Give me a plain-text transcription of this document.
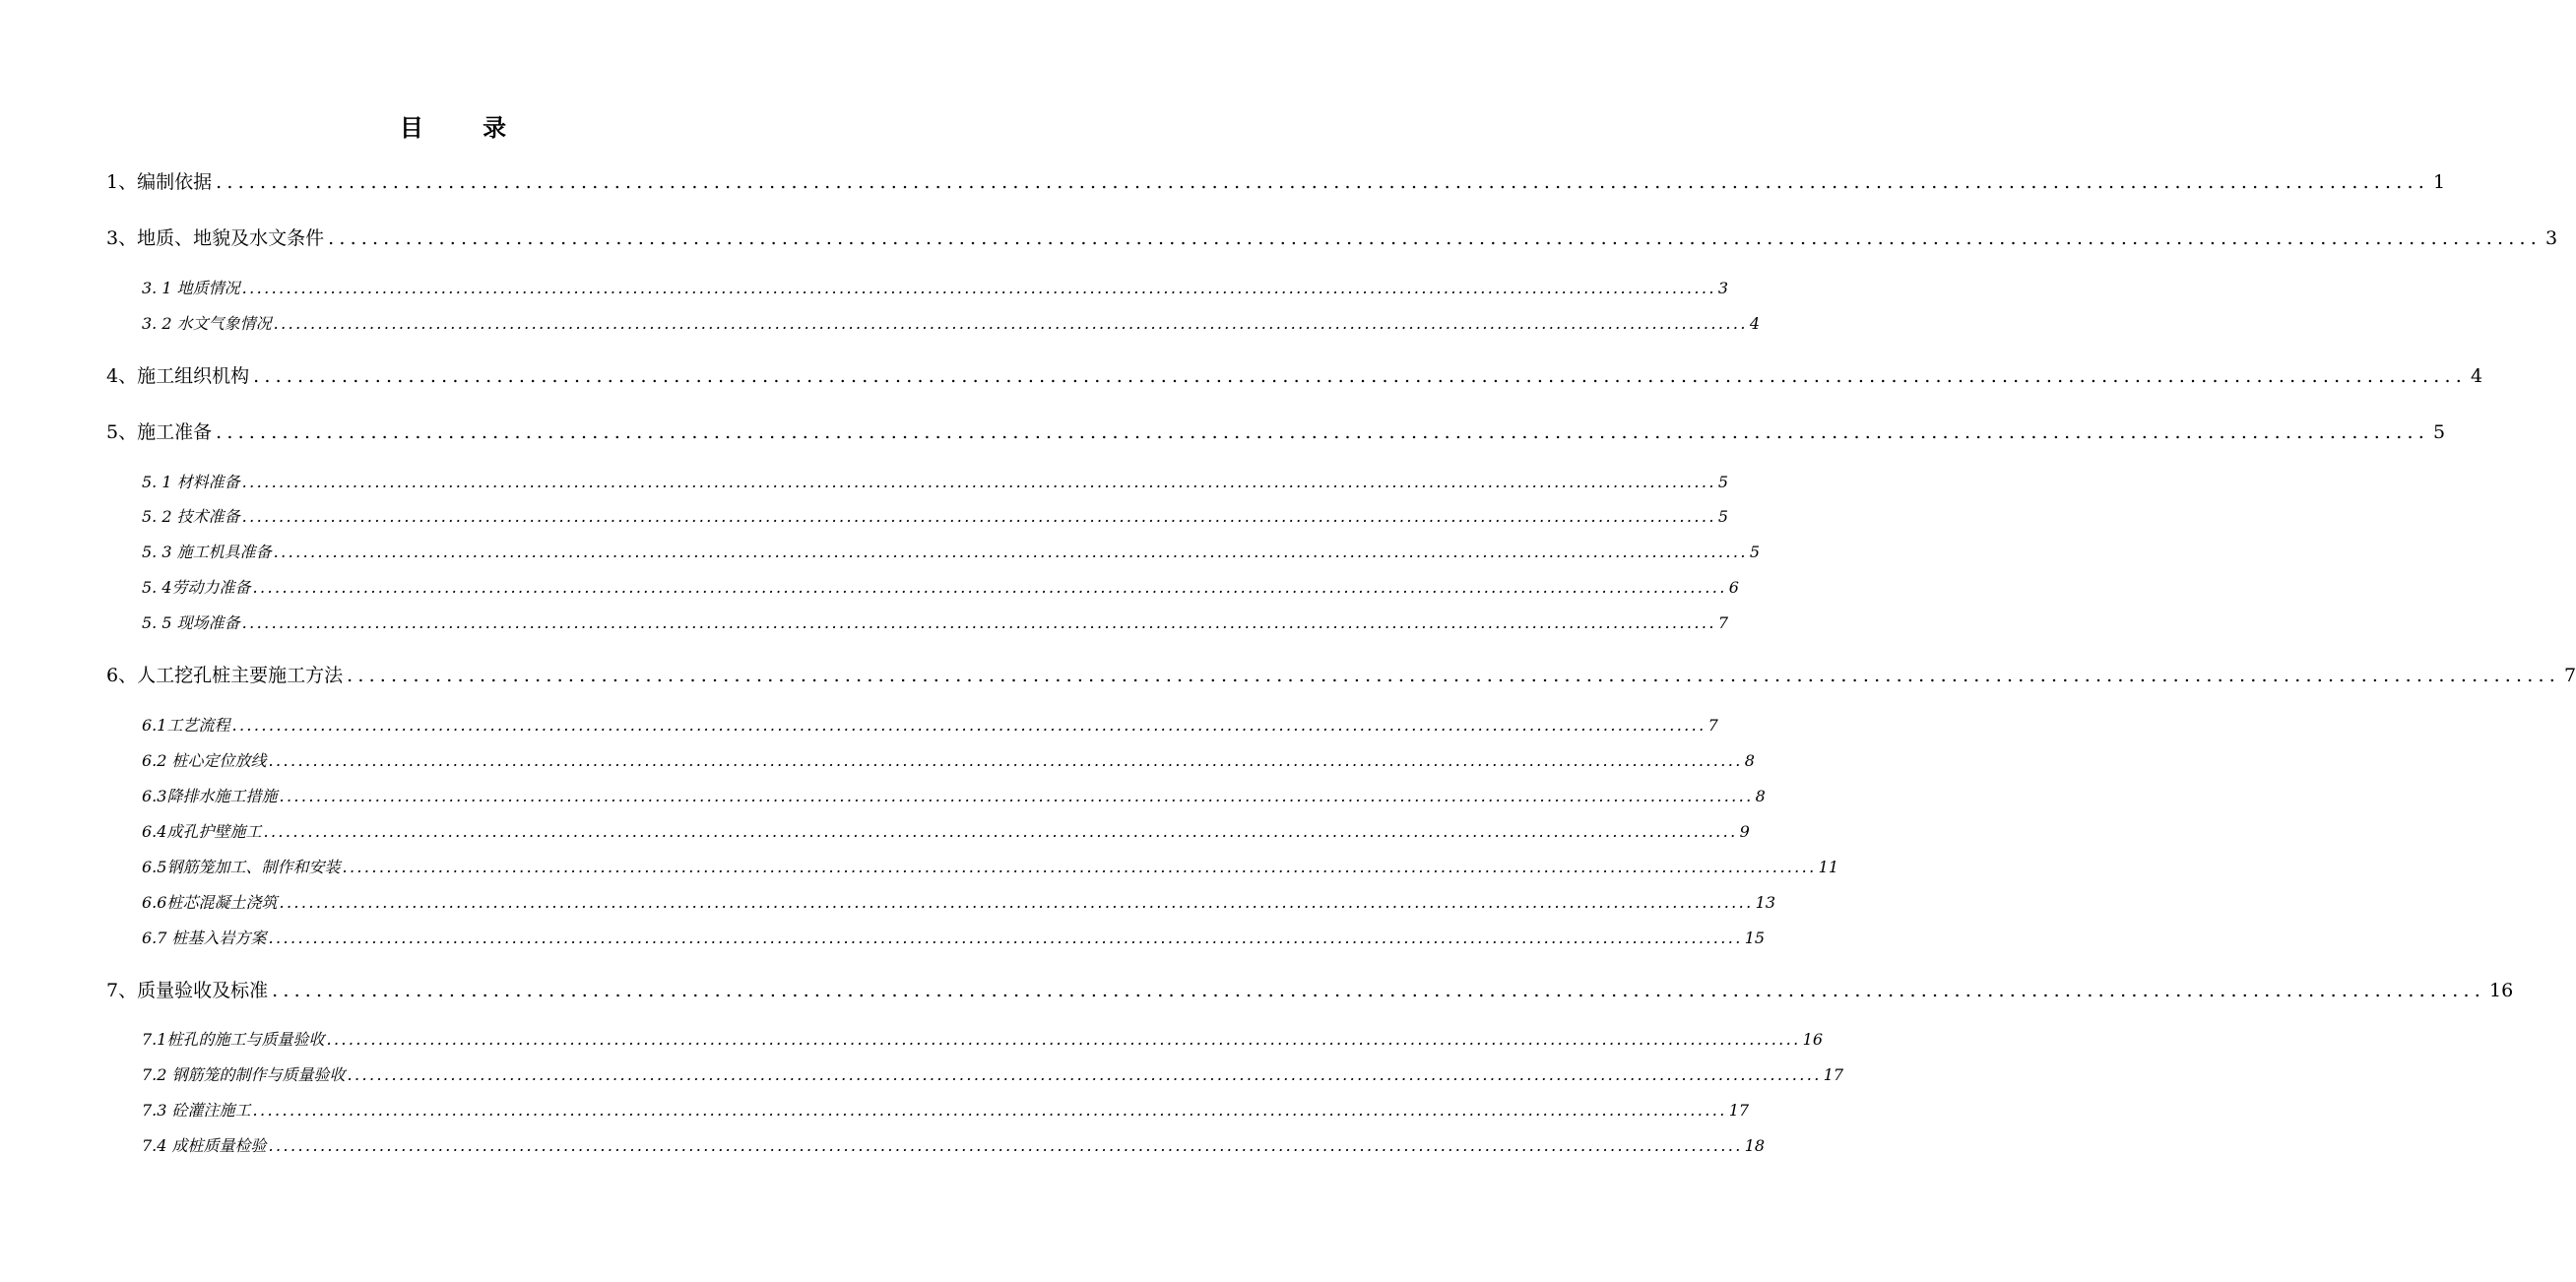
目 录
1、编制依据 ........................................................................................................................................................................................................ 1
3、地质、地貌及水文条件 ........................................................................................................................................................................................................ 3
3. 1 地质情况 ........................................................................................................................................................................................................ 3
3. 2 水文气象情况 ........................................................................................................................................................................................................ 4
4、施工组织机构 ........................................................................................................................................................................................................ 4
5、施工准备 ........................................................................................................................................................................................................ 5
5. 1 材料准备 ........................................................................................................................................................................................................ 5
5. 2 技术准备 ........................................................................................................................................................................................................ 5
5. 3 施工机具准备 ........................................................................................................................................................................................................ 5
5. 4劳动力准备 ........................................................................................................................................................................................................ 6
5. 5 现场准备 ........................................................................................................................................................................................................ 7
6、人工挖孔桩主要施工方法 ........................................................................................................................................................................................................ 7
6.1工艺流程 ........................................................................................................................................................................................................ 7
6.2 桩心定位放线 ........................................................................................................................................................................................................ 8
6.3降排水施工措施 ........................................................................................................................................................................................................ 8
6.4成孔护壁施工 ........................................................................................................................................................................................................ 9
6.5钢筋笼加工、制作和安装 ........................................................................................................................................................................................................ 11
6.6桩芯混凝土浇筑 ........................................................................................................................................................................................................ 13
6.7 桩基入岩方案 ........................................................................................................................................................................................................ 15
7、质量验收及标准 ........................................................................................................................................................................................................ 16
7.1桩孔的施工与质量验收 ........................................................................................................................................................................................................ 16
7.2 钢筋笼的制作与质量验收 ........................................................................................................................................................................................................ 17
7.3 砼灌注施工 ........................................................................................................................................................................................................ 17
7.4 成桩质量检验 ........................................................................................................................................................................................................ 18
